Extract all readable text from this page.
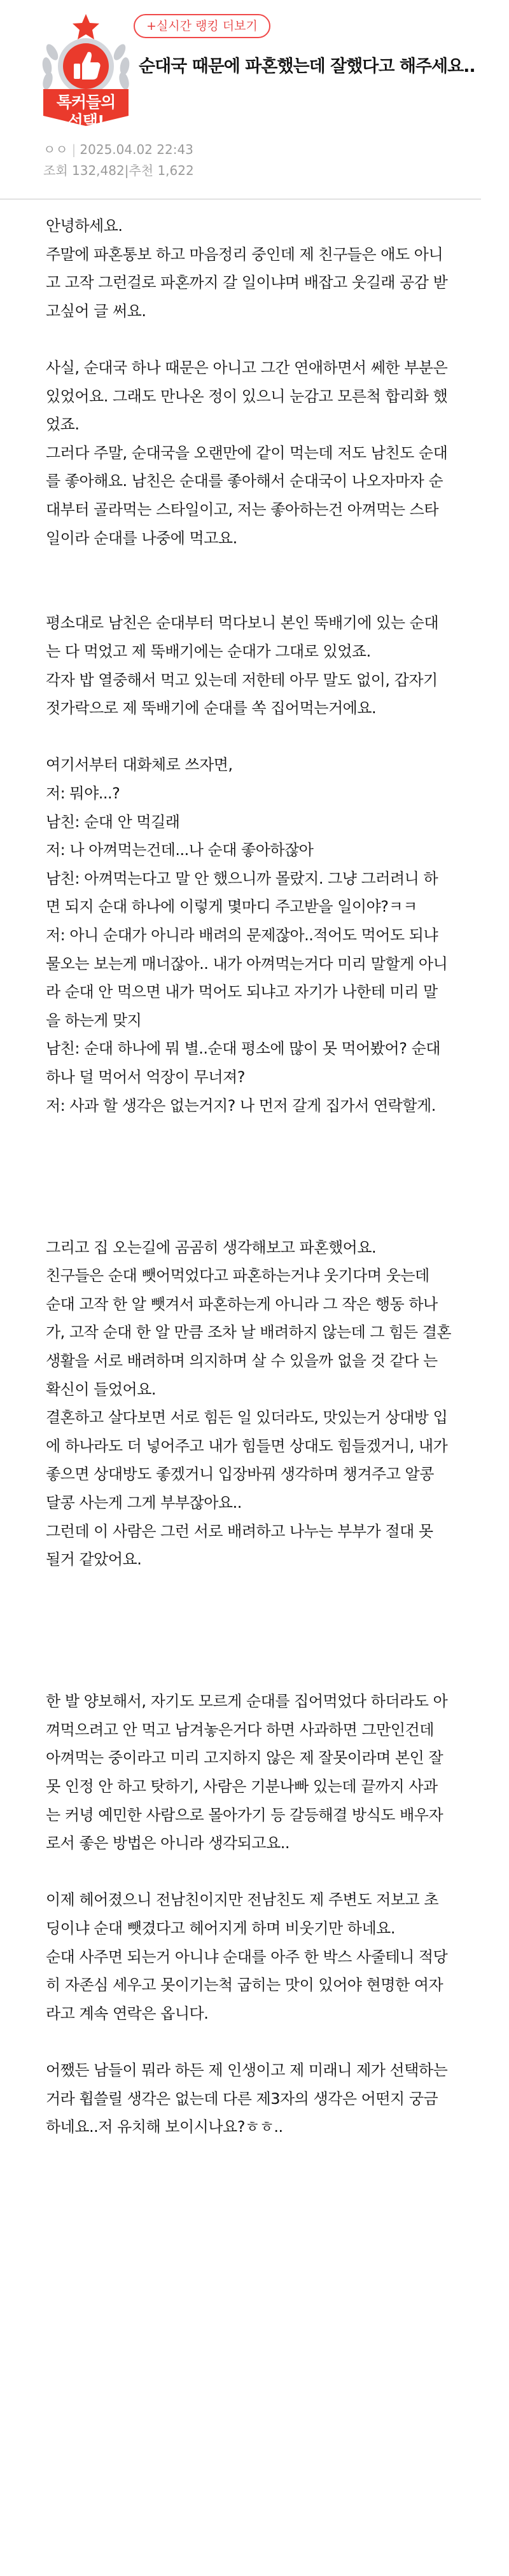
톡커들의
선택!
+실시간 랭킹 더보기
순대국 때문에 파혼했는데 잘했다고 해주세요..
ㅇㅇ | 2025.04.02 22:43
조회 132,482|추천 1,622
안녕하세요.
주말에 파혼통보 하고 마음정리 중인데 제 친구들은 애도 아니
고 고작 그런걸로 파혼까지 갈 일이냐며 배잡고 웃길래 공감 받
고싶어 글 써요.
사실, 순대국 하나 때문은 아니고 그간 연애하면서 쎄한 부분은
있었어요. 그래도 만나온 정이 있으니 눈감고 모른척 합리화 했
었죠.
그러다 주말, 순대국을 오랜만에 같이 먹는데 저도 남친도 순대
를 좋아해요. 남친은 순대를 좋아해서 순대국이 나오자마자 순
대부터 골라먹는 스타일이고, 저는 좋아하는건 아껴먹는 스타
일이라 순대를 나중에 먹고요.
평소대로 남친은 순대부터 먹다보니 본인 뚝배기에 있는 순대
는 다 먹었고 제 뚝배기에는 순대가 그대로 있었죠.
각자 밥 열중해서 먹고 있는데 저한테 아무 말도 없이, 갑자기
젓가락으로 제 뚝배기에 순대를 쏙 집어먹는거에요.
여기서부터 대화체로 쓰자면,
저: 뭐야...?
남친: 순대 안 먹길래
저: 나 아껴먹는건데...나 순대 좋아하잖아
남친: 아껴먹는다고 말 안 했으니까 몰랐지. 그냥 그러려니 하
면 되지 순대 하나에 이렇게 몇마디 주고받을 일이야?ㅋㅋ
저: 아니 순대가 아니라 배려의 문제잖아..적어도 먹어도 되냐
물오는 보는게 매너잖아.. 내가 아껴먹는거다 미리 말할게 아니
라 순대 안 먹으면 내가 먹어도 되냐고 자기가 나한테 미리 말
을 하는게 맞지
남친: 순대 하나에 뭐 별..순대 평소에 많이 못 먹어봤어? 순대
하나 덜 먹어서 억장이 무너져?
저: 사과 할 생각은 없는거지? 나 먼저 갈게 집가서 연락할게.
그리고 집 오는길에 곰곰히 생각해보고 파혼했어요.
친구들은 순대 뺏어먹었다고 파혼하는거냐 웃기다며 웃는데
순대 고작 한 알 뺏겨서 파혼하는게 아니라 그 작은 행동 하나
가, 고작 순대 한 알 만큼 조차 날 배려하지 않는데 그 힘든 결혼
생활을 서로 배려하며 의지하며 살 수 있을까 없을 것 같다 는
확신이 들었어요.
결혼하고 살다보면 서로 힘든 일 있더라도, 맛있는거 상대방 입
에 하나라도 더 넣어주고 내가 힘들면 상대도 힘들겠거니, 내가
좋으면 상대방도 좋겠거니 입장바꿔 생각하며 챙겨주고 알콩
달콩 사는게 그게 부부잖아요..
그런데 이 사람은 그런 서로 배려하고 나누는 부부가 절대 못
될거 같았어요.
한 발 양보해서, 자기도 모르게 순대를 집어먹었다 하더라도 아
껴먹으려고 안 먹고 남겨놓은거다 하면 사과하면 그만인건데
아껴먹는 중이라고 미리 고지하지 않은 제 잘못이라며 본인 잘
못 인정 안 하고 탓하기, 사람은 기분나빠 있는데 끝까지 사과
는 커녕 예민한 사람으로 몰아가기 등 갈등해결 방식도 배우자
로서 좋은 방법은 아니라 생각되고요..
이제 헤어졌으니 전남친이지만 전남친도 제 주변도 저보고 초
딩이냐 순대 뺏겼다고 헤어지게 하며 비웃기만 하네요.
순대 사주면 되는거 아니냐 순대를 아주 한 박스 사줄테니 적당
히 자존심 세우고 못이기는척 굽히는 맛이 있어야 현명한 여자
라고 계속 연락은 옵니다.
어쨌든 남들이 뭐라 하든 제 인생이고 제 미래니 제가 선택하는
거라 휩쓸릴 생각은 없는데 다른 제3자의 생각은 어떤지 궁금
하네요..저 유치해 보이시나요?ㅎㅎ..
